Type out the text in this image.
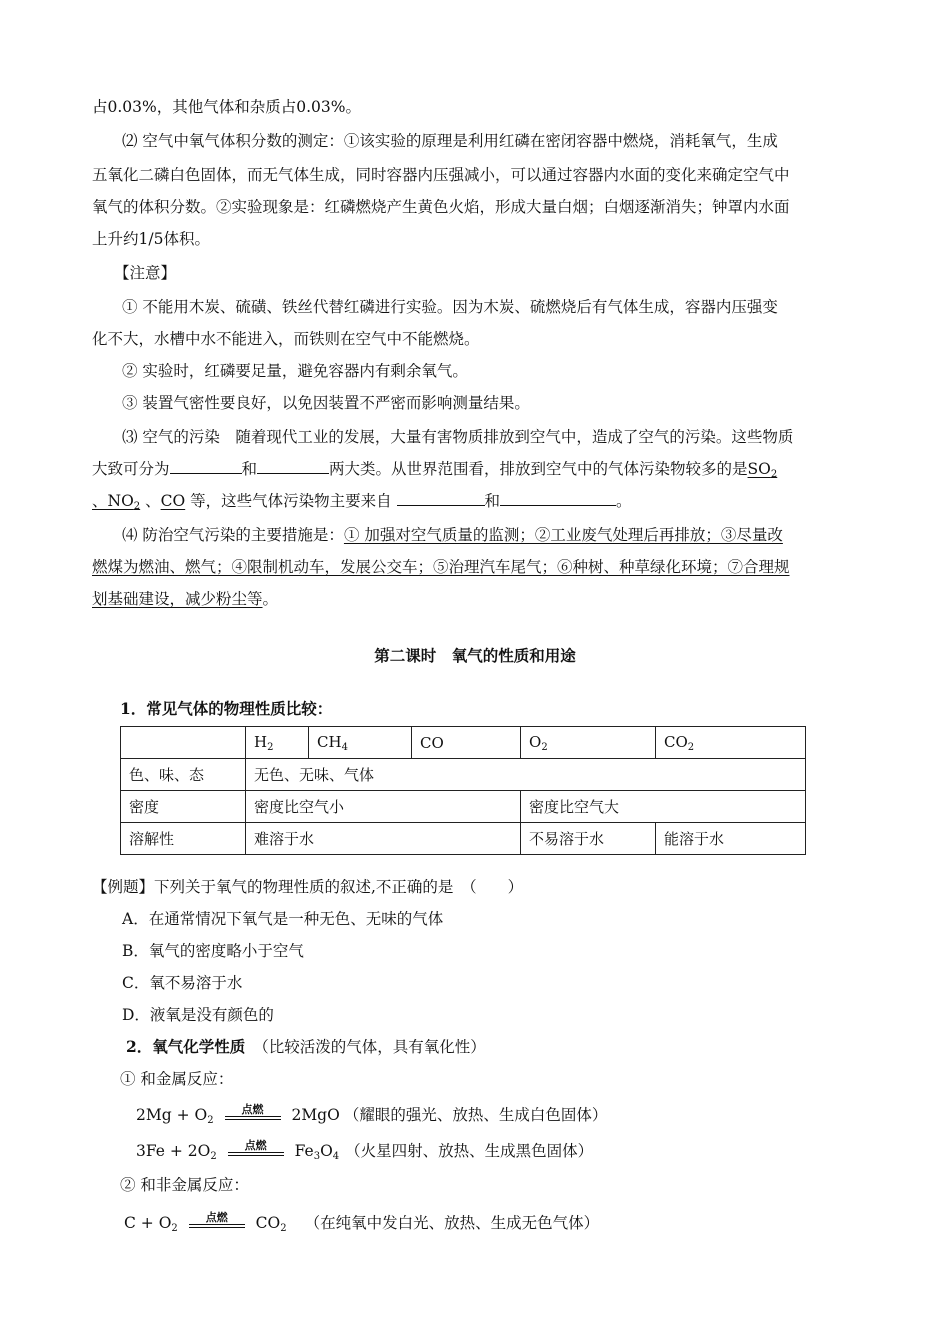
占0.03%，其他气体和杂质占0.03%。
⑵ 空气中氧气体积分数的测定：①该实验的原理是利用红磷在密闭容器中燃烧，消耗氧气，生成
五氧化二磷白色固体，而无气体生成，同时容器内压强减小，可以通过容器内水面的变化来确定空气中
氧气的体积分数。②实验现象是：红磷燃烧产生黄色火焰，形成大量白烟；白烟逐渐消失；钟罩内水面
上升约1/5体积。
【注意】
① 不能用木炭、硫磺、铁丝代替红磷进行实验。因为木炭、硫燃烧后有气体生成，容器内压强变
化不大，水槽中水不能进入，而铁则在空气中不能燃烧。
② 实验时，红磷要足量，避免容器内有剩余氧气。
③ 装置气密性要良好，以免因装置不严密而影响测量结果。
⑶ 空气的污染　随着现代工业的发展，大量有害物质排放到空气中，造成了空气的污染。这些物质
大致可分为	和	两大类。从世界范围看，排放到空气中的气体污染物较多的是$SO_2$
、$NO_2$ 、CO 等，这些气体污染物主要来自	和	。
⑷ 防治空气污染的主要措施是：① 加强对空气质量的监测；②工业废气处理后再排放；③尽量改
燃煤为燃油、燃气；④限制机动车，发展公交车；⑤治理汽车尾气；⑥种树、种草绿化环境；⑦合理规
划基础建设，减少粉尘等。
第二课时　氧气的性质和用途
1．常见气体的物理性质比较：
	$H_2$	$CH_4$	CO	$O_2$	$CO_2$
色、味、态	无色、无味、气体				
密度	密度比空气小			密度比空气大	
溶解性	难溶于水			不易溶于水	能溶于水
【例题】下列关于氧气的物理性质的叙述,不正确的是　（　　）
A．在通常情况下氧气是一种无色、无味的气体
B．氧气的密度略小于空气
C．氧不易溶于水
D．液氧是没有颜色的
2．氧气化学性质 （比较活泼的气体，具有氧化性）
① 和金属反应：
$2Mg + O_2$
点燃	2MgO （耀眼的强光、放热、生成白色固体）
$3Fe + 2O_2$
点燃	$Fe_3O_4$ （火星四射、放热、生成黑色固体）
② 和非金属反应：
$C + O_2$
点燃	$CO_2$ （在纯氧中发白光、放热、生成无色气体）
